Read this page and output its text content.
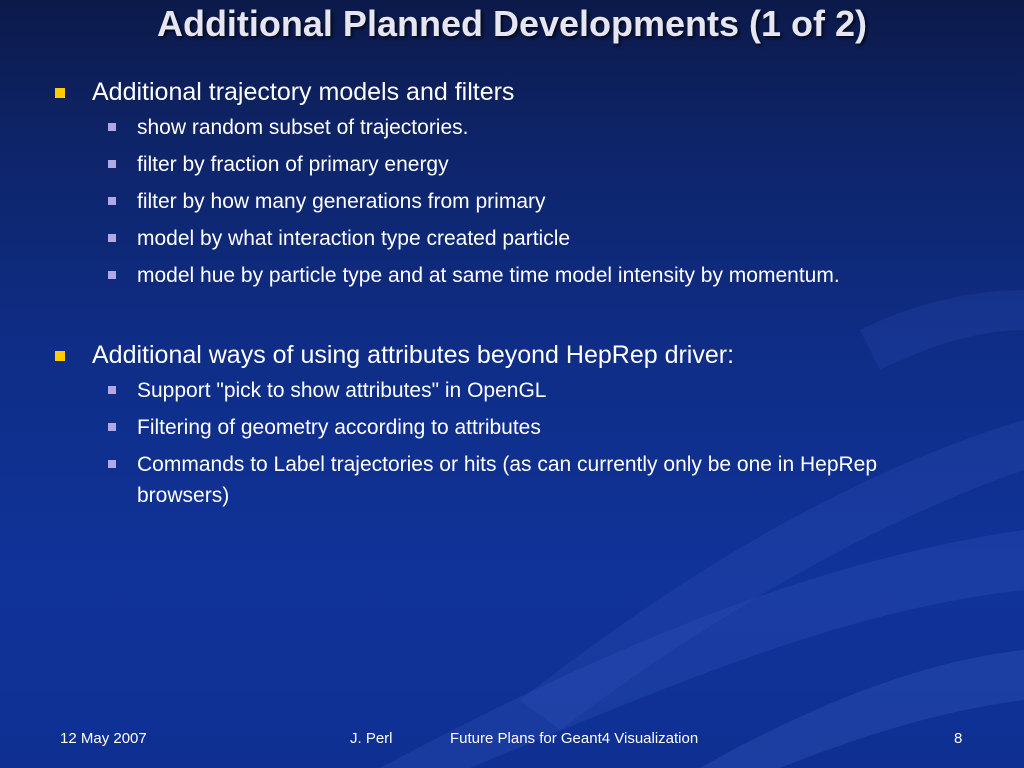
Additional Planned Developments (1 of 2)
Additional trajectory models and filters
show random subset of trajectories.
filter by fraction of primary energy
filter by how many generations from primary
model by what interaction type created particle
model hue by particle type and at same time model intensity by momentum.
Additional ways of using attributes beyond HepRep driver:
Support "pick to show attributes" in OpenGL
Filtering of geometry according to attributes
Commands to Label trajectories or hits (as can currently only be one in HepRep browsers)
12 May 2007	J. Perl	Future Plans for Geant4 Visualization	8
